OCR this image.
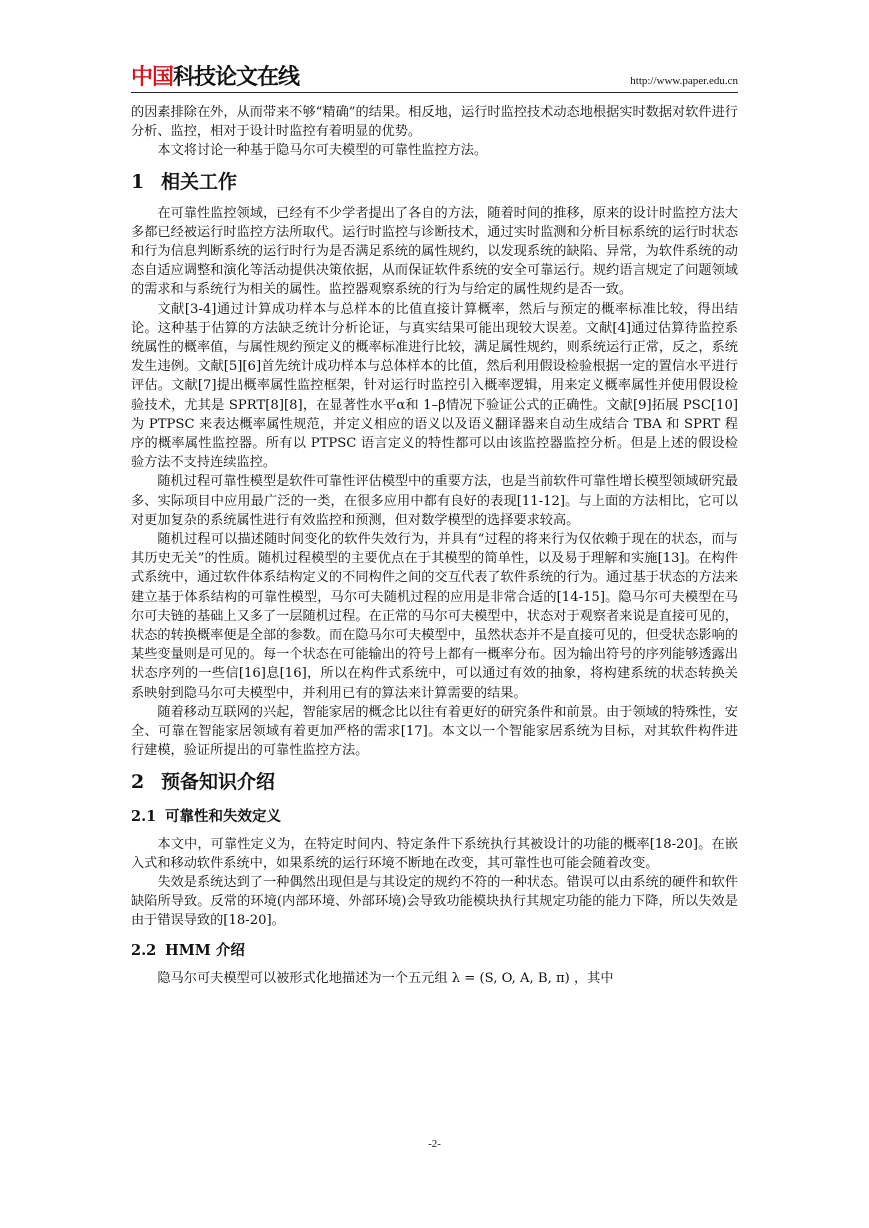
中国科技论文在线	http://www.paper.edu.cn

的因素排除在外，从而带来不够“精确”的结果。相反地，运行时监控技术动态地根据实时数据对软件进行分析、监控，相对于设计时监控有着明显的优势。

本文将讨论一种基于隐马尔可夫模型的可靠性监控方法。

1 相关工作

在可靠性监控领域，已经有不少学者提出了各自的方法，随着时间的推移，原来的设计时监控方法大多都已经被运行时监控方法所取代。运行时监控与诊断技术，通过实时监测和分析目标系统的运行时状态和行为信息判断系统的运行时行为是否满足系统的属性规约，以发现系统的缺陷、异常，为软件系统的动态自适应调整和演化等活动提供决策依据，从而保证软件系统的安全可靠运行。规约语言规定了问题领域的需求和与系统行为相关的属性。监控器观察系统的行为与给定的属性规约是否一致。

文献[3-4]通过计算成功样本与总样本的比值直接计算概率，然后与预定的概率标准比较，得出结论。这种基于估算的方法缺乏统计分析论证，与真实结果可能出现较大误差。文献[4]通过估算待监控系统属性的概率值，与属性规约预定义的概率标准进行比较，满足属性规约，则系统运行正常，反之，系统发生违例。文献[5][6]首先统计成功样本与总体样本的比值，然后利用假设检验根据一定的置信水平进行评估。文献[7]提出概率属性监控框架，针对运行时监控引入概率逻辑，用来定义概率属性并使用假设检验技术，尤其是 SPRT[8][8]，在显著性水平α和 1–β情况下验证公式的正确性。文献[9]拓展 PSC[10]为 PTPSC 来表达概率属性规范，并定义相应的语义以及语义翻译器来自动生成结合 TBA 和 SPRT 程序的概率属性监控器。所有以 PTPSC 语言定义的特性都可以由该监控器监控分析。但是上述的假设检验方法不支持连续监控。

随机过程可靠性模型是软件可靠性评估模型中的重要方法，也是当前软件可靠性增长模型领域研究最多、实际项目中应用最广泛的一类，在很多应用中都有良好的表现[11-12]。与上面的方法相比，它可以对更加复杂的系统属性进行有效监控和预测，但对数学模型的选择要求较高。

随机过程可以描述随时间变化的软件失效行为，并具有“过程的将来行为仅依赖于现在的状态，而与其历史无关”的性质。随机过程模型的主要优点在于其模型的简单性，以及易于理解和实施[13]。在构件式系统中，通过软件体系结构定义的不同构件之间的交互代表了软件系统的行为。通过基于状态的方法来建立基于体系结构的可靠性模型，马尔可夫随机过程的应用是非常合适的[14-15]。隐马尔可夫模型在马尔可夫链的基础上又多了一层随机过程。在正常的马尔可夫模型中，状态对于观察者来说是直接可见的，状态的转换概率便是全部的参数。而在隐马尔可夫模型中，虽然状态并不是直接可见的，但受状态影响的某些变量则是可见的。每一个状态在可能输出的符号上都有一概率分布。因为输出符号的序列能够透露出状态序列的一些信[16]息[16]，所以在构件式系统中，可以通过有效的抽象，将构建系统的状态转换关系映射到隐马尔可夫模型中，并利用已有的算法来计算需要的结果。

随着移动互联网的兴起，智能家居的概念比以往有着更好的研究条件和前景。由于领域的特殊性，安全、可靠在智能家居领域有着更加严格的需求[17]。本文以一个智能家居系统为目标，对其软件构件进行建模，验证所提出的可靠性监控方法。

2 预备知识介绍
2.1 可靠性和失效定义

本文中，可靠性定义为，在特定时间内、特定条件下系统执行其被设计的功能的概率[18-20]。在嵌入式和移动软件系统中，如果系统的运行环境不断地在改变，其可靠性也可能会随着改变。

失效是系统达到了一种偶然出现但是与其设定的规约不符的一种状态。错误可以由系统的硬件和软件缺陷所导致。反常的环境(内部环境、外部环境)会导致功能模块执行其规定功能的能力下降，所以失效是由于错误导致的[18-20]。

2.2 HMM 介绍

隐马尔可夫模型可以被形式化地描述为一个五元组 λ = (S, O, A, B, π) ，其中

-2-
